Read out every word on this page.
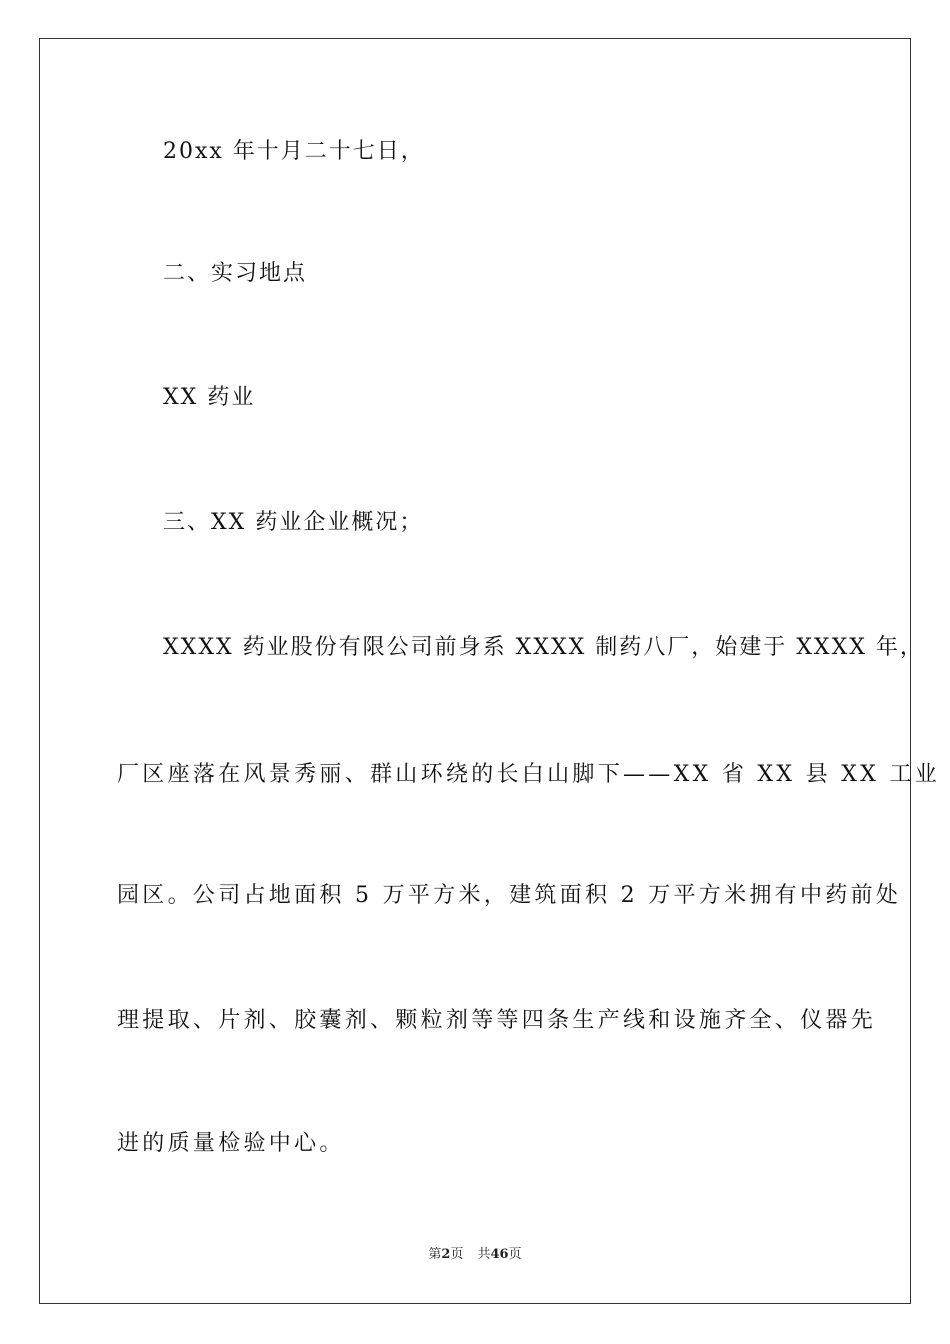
20xx 年十月二十七日，
二、实习地点
XX 药业
三、XX 药业企业概况；
XXXX 药业股份有限公司前身系 XXXX 制药八厂，始建于 XXXX 年，
厂区座落在风景秀丽、群山环绕的长白山脚下——XX 省 XX 县 XX 工业
园区。公司占地面积 5 万平方米，建筑面积 2 万平方米拥有中药前处
理提取、片剂、胶囊剂、颗粒剂等等四条生产线和设施齐全、仪器先
进的质量检验中心。
第2页 共46页
